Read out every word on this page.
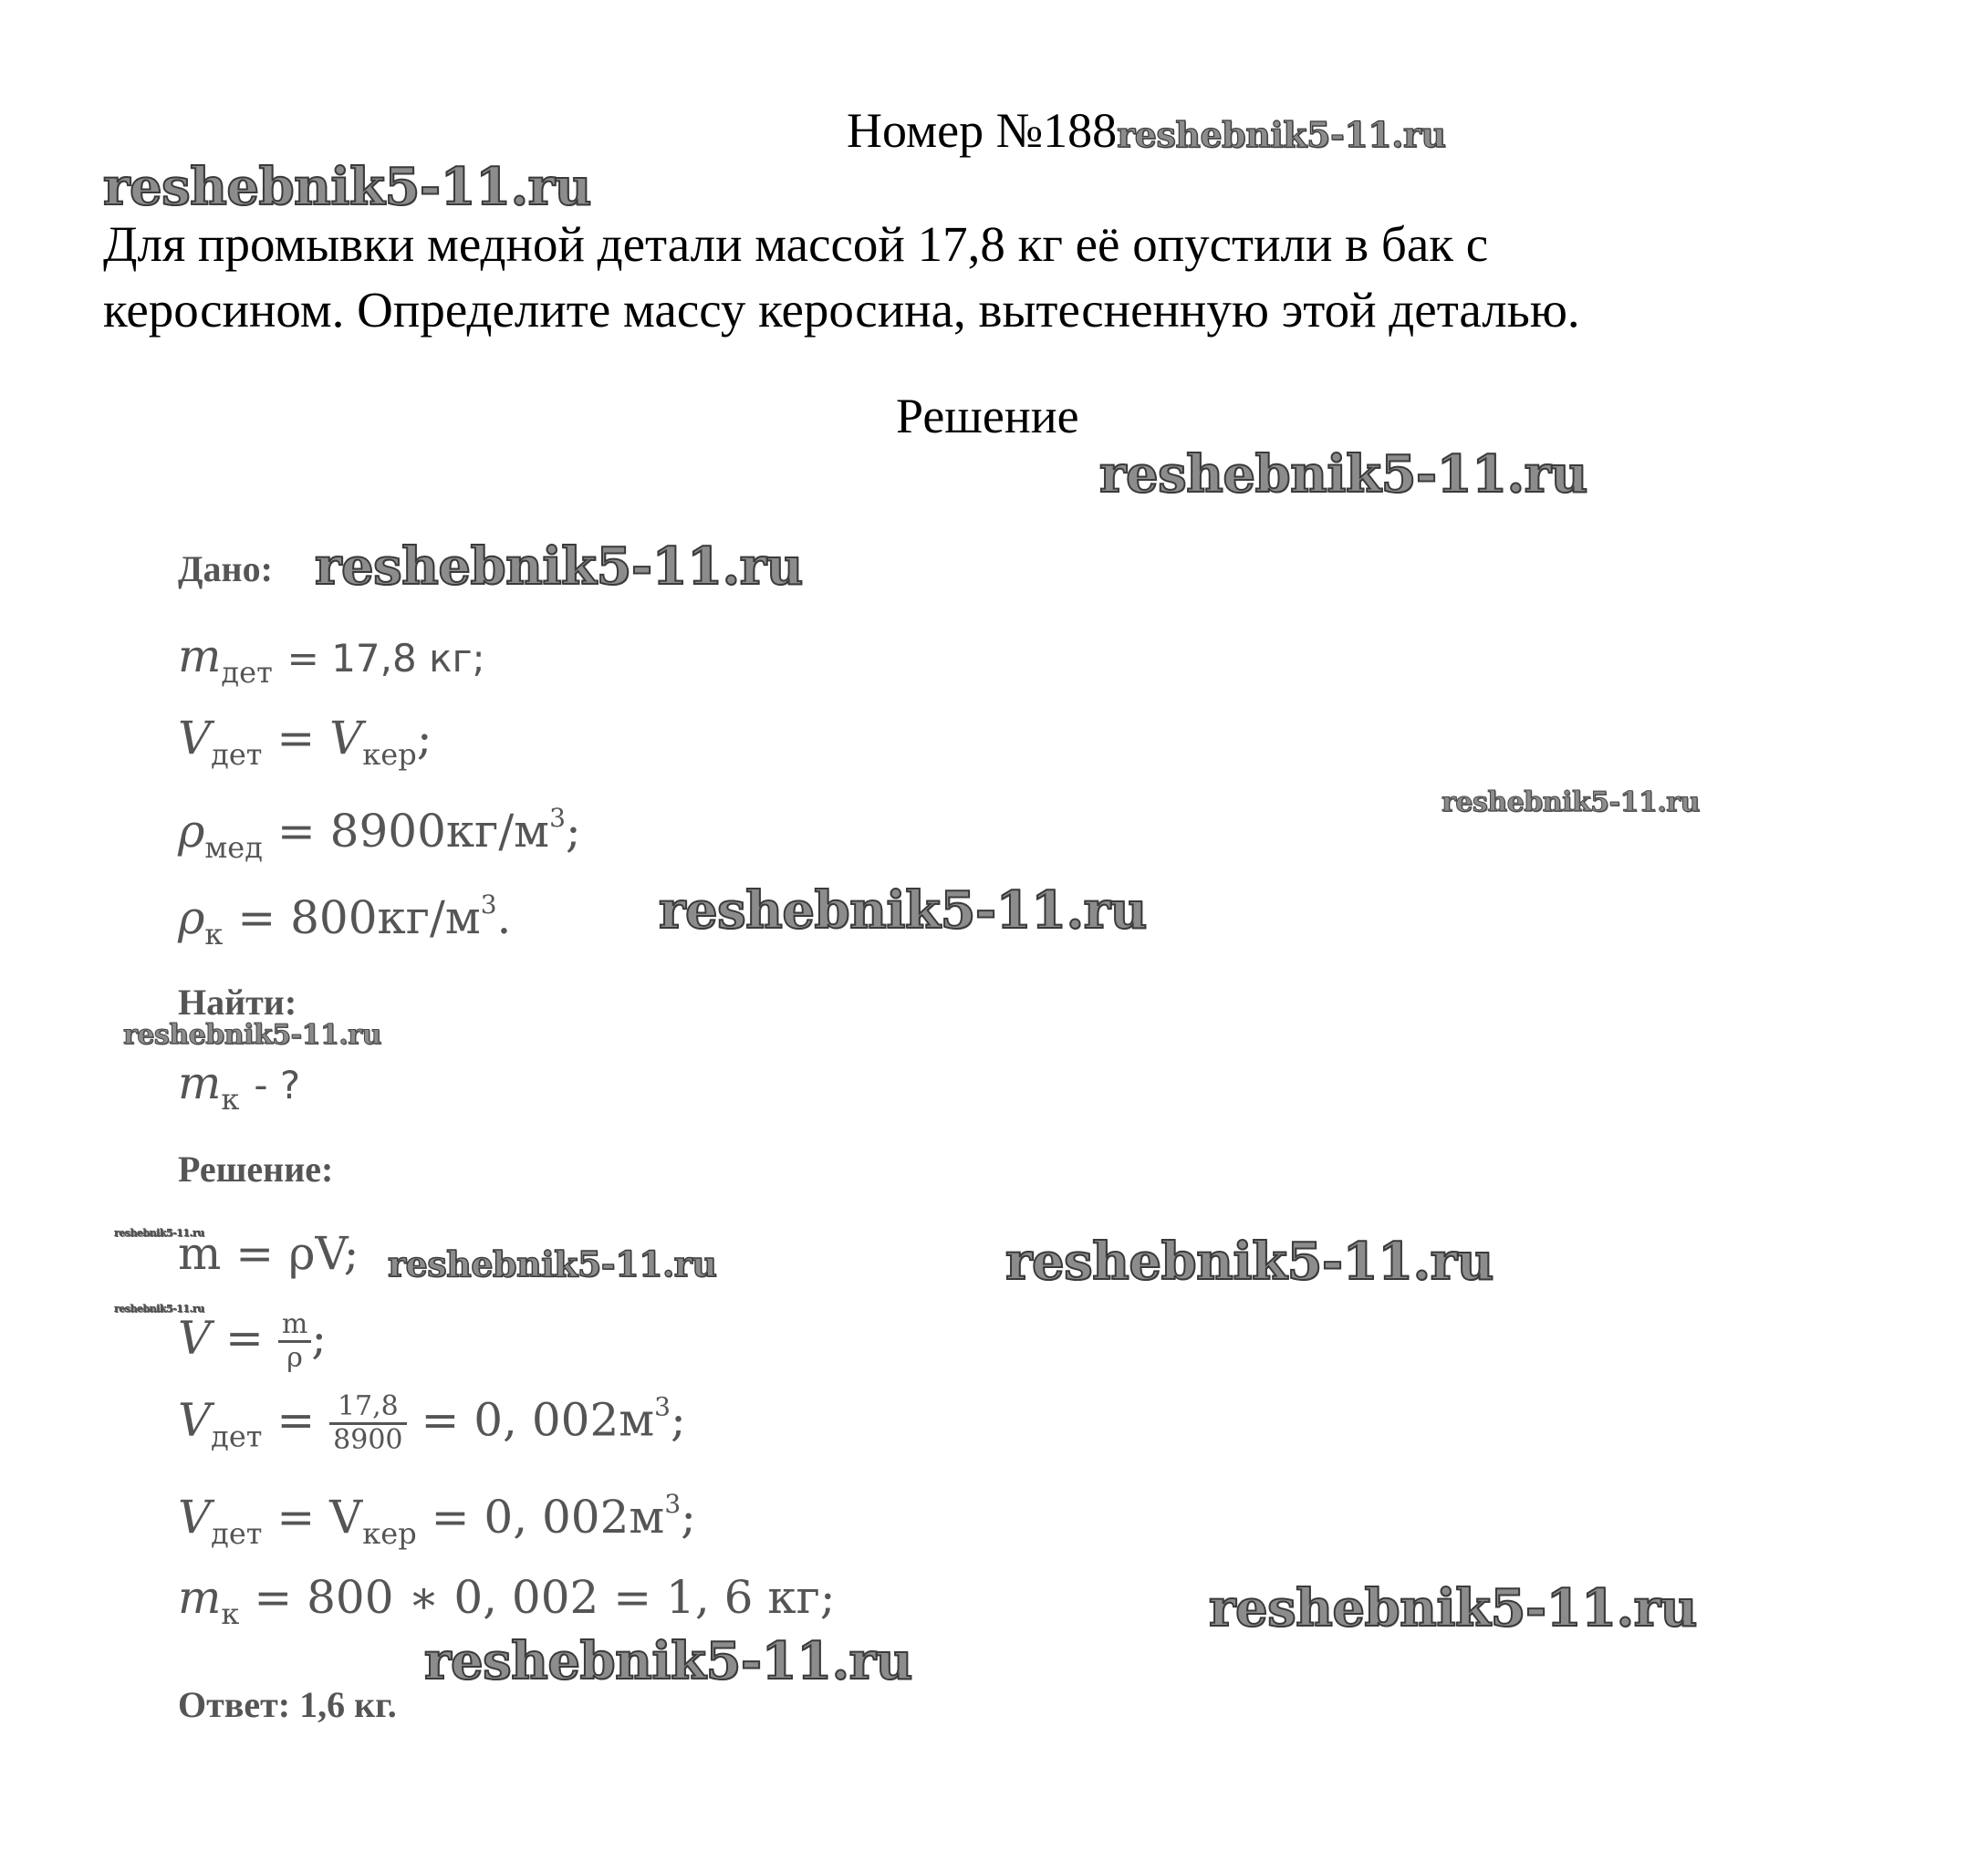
Номер №188reshebnik5-11.ru
reshebnik5-11.ru
Для промывки медной детали массой 17,8 кг её опустили в бак с
керосином. Определите массу керосина, вытесненную этой деталью.
Решение
reshebnik5-11.ru
Дано: reshebnik5-11.ru
$m_{дет} = 17,8$ кг;
$V_{дет} = V_{кер}$;
$\rho_{мед} = 8900кг/м^3$;
reshebnik5-11.ru
$\rho_к = 800кг/м^3$.	reshebnik5-11.ru
Найти:
reshebnik5-11.ru
$m_к$ - ?
Решение:
reshebnik5-11.ru
m = ρV; reshebnik5-11.ru	reshebnik5-11.ru
reshebnik5-11.ru
$V = \frac{m}{\rho}$ ;
$V_{дет} = \frac{17,8}{8900} = 0$, $002м^3$;
$V_{дет} = V_{кер} = 0$, $002м^3$;
$m_к = 800$ ∗ 0, 002 = 1, 6 кг;	reshebnik5-11.ru
reshebnik5-11.ru
Ответ: 1,6 кг.
